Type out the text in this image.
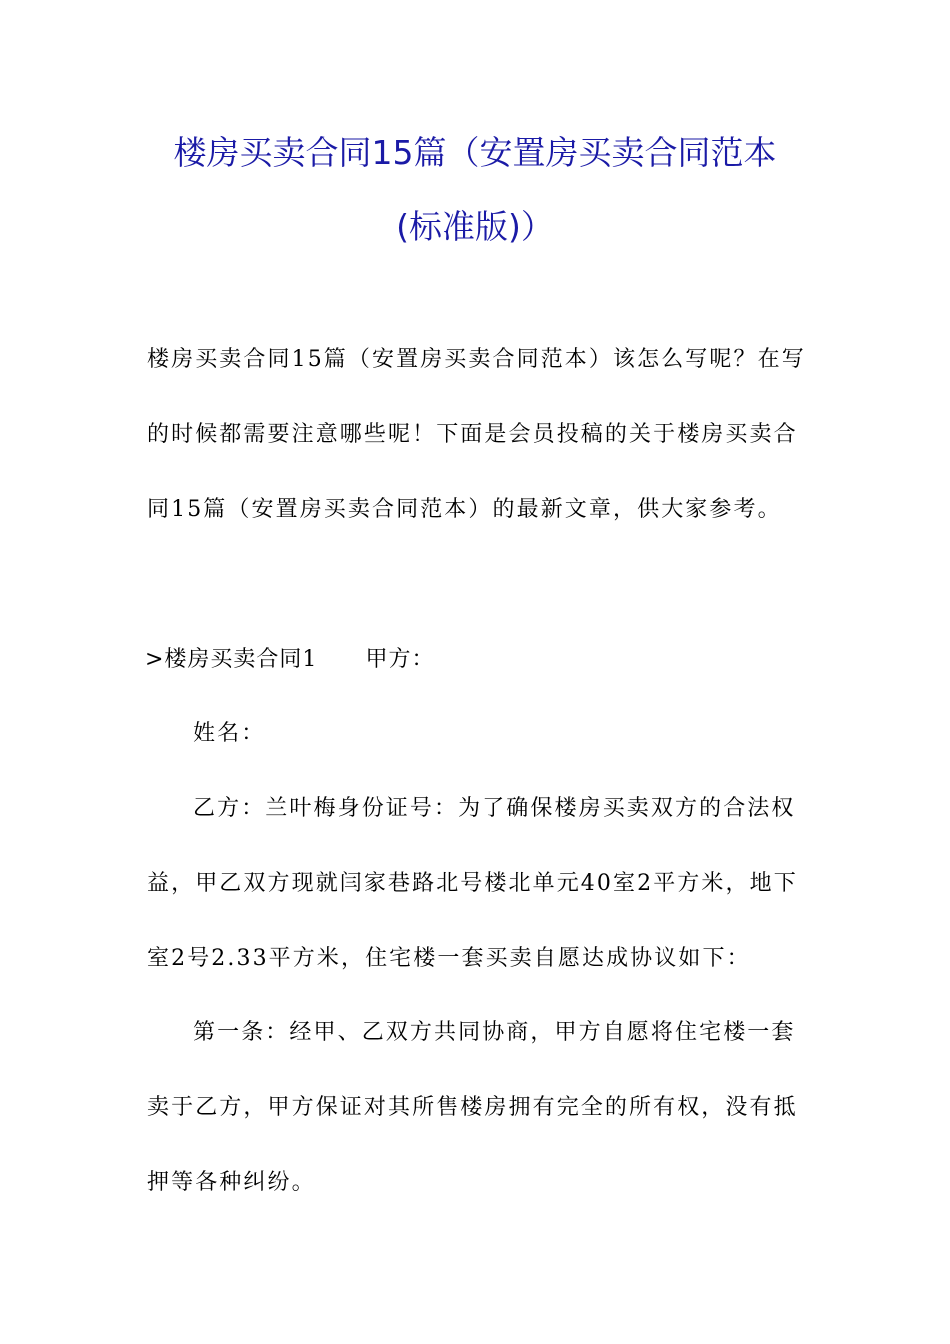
楼房买卖合同15篇（安置房买卖合同范本
(标准版)）
楼房买卖合同15篇（安置房买卖合同范本）该怎么写呢？在写
的时候都需要注意哪些呢！下面是会员投稿的关于楼房买卖合
同15篇（安置房买卖合同范本）的最新文章，供大家参考。
>楼房买卖合同1 甲方：
姓名：
乙方：兰叶梅身份证号：为了确保楼房买卖双方的合法权
益，甲乙双方现就闫家巷路北号楼北单元40室2平方米，地下
室2号2.33平方米，住宅楼一套买卖自愿达成协议如下：
第一条：经甲、乙双方共同协商，甲方自愿将住宅楼一套
卖于乙方，甲方保证对其所售楼房拥有完全的所有权，没有抵
押等各种纠纷。
